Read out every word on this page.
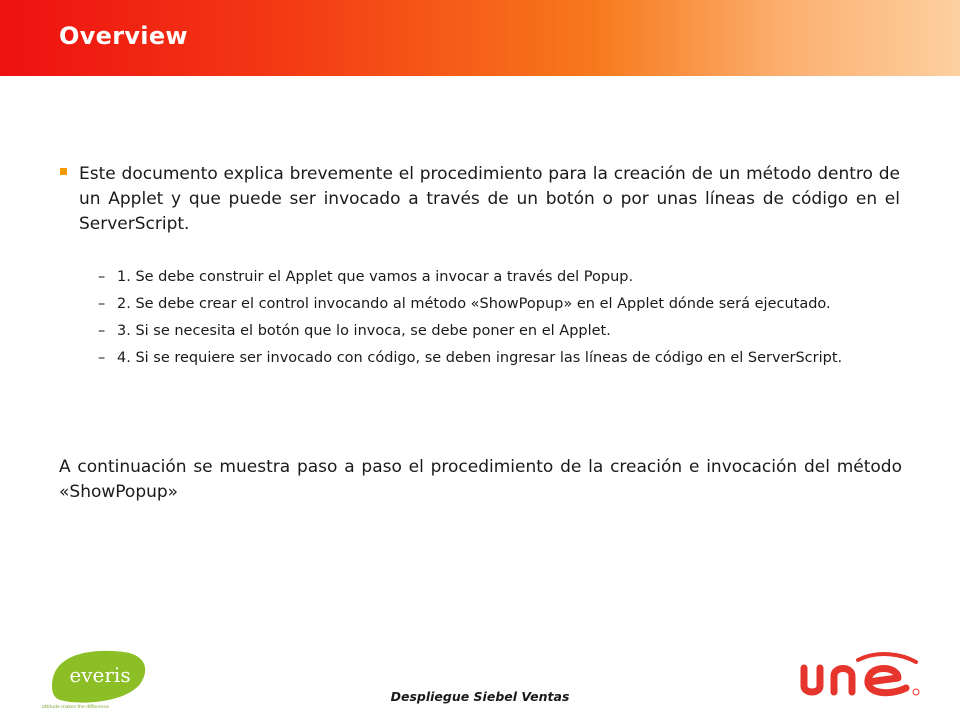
Overview
Este documento explica brevemente el procedimiento para la creación de un método dentro de un Applet y que puede ser invocado a través de un botón o por unas líneas de código en el ServerScript.
– 1. Se debe construir el Applet que vamos a invocar a través del Popup.
– 2. Se debe crear el control invocando al método «ShowPopup» en el Applet dónde será ejecutado.
– 3. Si se necesita el botón que lo invoca, se debe poner en el Applet.
– 4. Si se requiere ser invocado con código, se deben ingresar las líneas de código en el ServerScript.
A continuación se muestra paso a paso el procedimiento de la creación e invocación del método «ShowPopup»
everis
attitude makes the difference
Despliegue Siebel Ventas
